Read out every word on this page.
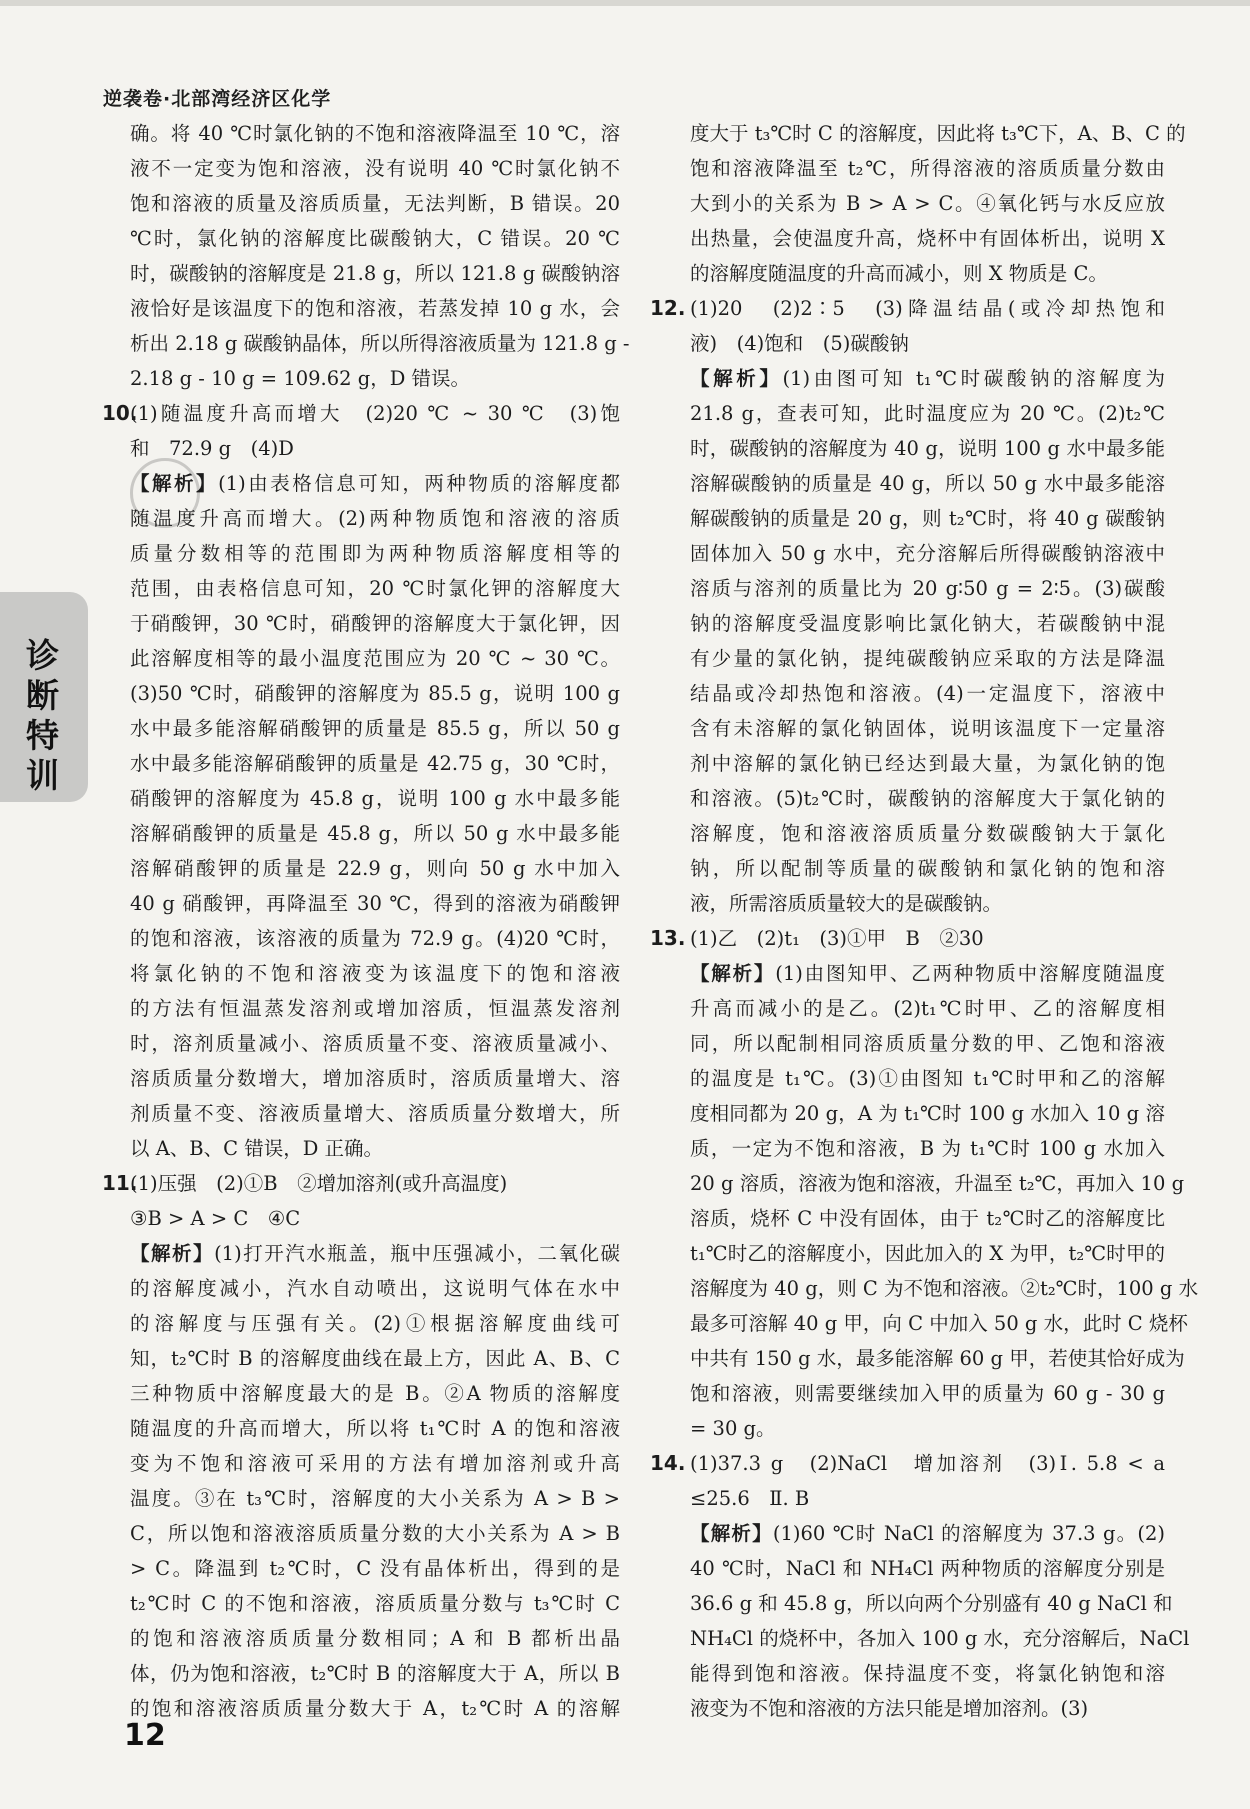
逆袭卷·北部湾经济区化学
诊断特训

确。将 40 ℃时氯化钠的不饱和溶液降温至 10 ℃，溶

液不一定变为饱和溶液，没有说明 40 ℃时氯化钠不

饱和溶液的质量及溶质质量，无法判断，B 错误。20

℃时，氯化钠的溶解度比碳酸钠大，C 错误。20 ℃

时，碳酸钠的溶解度是 21.8 g，所以 121.8 g 碳酸钠溶

液恰好是该温度下的饱和溶液，若蒸发掉 10 g 水，会

析出 2.18 g 碳酸钠晶体，所以所得溶液质量为 121.8 g -

2.18 g - 10 g = 109.62 g，D 错误。

10.
(1)随温度升高而增大　(2)20 ℃ ~ 30 ℃　(3)饱

和　72.9 g　(4)D

【解析】(1)由表格信息可知，两种物质的溶解度都

随温度升高而增大。(2)两种物质饱和溶液的溶质

质量分数相等的范围即为两种物质溶解度相等的

范围，由表格信息可知，20 ℃时氯化钾的溶解度大

于硝酸钾，30 ℃时，硝酸钾的溶解度大于氯化钾，因

此溶解度相等的最小温度范围应为 20 ℃ ~ 30 ℃。

(3)50 ℃时，硝酸钾的溶解度为 85.5 g，说明 100 g

水中最多能溶解硝酸钾的质量是 85.5 g，所以 50 g

水中最多能溶解硝酸钾的质量是 42.75 g，30 ℃时，

硝酸钾的溶解度为 45.8 g，说明 100 g 水中最多能

溶解硝酸钾的质量是 45.8 g，所以 50 g 水中最多能

溶解硝酸钾的质量是 22.9 g，则向 50 g 水中加入

40 g 硝酸钾，再降温至 30 ℃，得到的溶液为硝酸钾

的饱和溶液，该溶液的质量为 72.9 g。(4)20 ℃时，

将氯化钠的不饱和溶液变为该温度下的饱和溶液

的方法有恒温蒸发溶剂或增加溶质，恒温蒸发溶剂

时，溶剂质量减小、溶质质量不变、溶液质量减小、

溶质质量分数增大，增加溶质时，溶质质量增大、溶

剂质量不变、溶液质量增大、溶质质量分数增大，所

以 A、B、C 错误，D 正确。

11.
(1)压强　(2)①B　②增加溶剂(或升高温度)

③B > A > C　④C

【解析】(1)打开汽水瓶盖，瓶中压强减小，二氧化碳

的溶解度减小，汽水自动喷出，这说明气体在水中

的溶解度与压强有关。(2)①根据溶解度曲线可

知，t₂℃时 B 的溶解度曲线在最上方，因此 A、B、C

三种物质中溶解度最大的是 B。②A 物质的溶解度

随温度的升高而增大，所以将 t₁℃时 A 的饱和溶液

变为不饱和溶液可采用的方法有增加溶剂或升高

温度。③在 t₃℃时，溶解度的大小关系为 A > B >

C，所以饱和溶液溶质质量分数的大小关系为 A > B

> C。降温到 t₂℃时，C 没有晶体析出，得到的是

t₂℃时 C 的不饱和溶液，溶质质量分数与 t₃℃时 C

的饱和溶液溶质质量分数相同；A 和 B 都析出晶

体，仍为饱和溶液，t₂℃时 B 的溶解度大于 A，所以 B

的饱和溶液溶质质量分数大于 A，t₂℃时 A 的溶解

度大于 t₃℃时 C 的溶解度，因此将 t₃℃下，A、B、C 的

饱和溶液降温至 t₂℃，所得溶液的溶质质量分数由

大到小的关系为 B > A > C。④氧化钙与水反应放

出热量，会使温度升高，烧杯中有固体析出，说明 X

的溶解度随温度的升高而减小，则 X 物质是 C。

12. (1)20　(2)2∶5　(3)降温结晶(或冷却热饱和

液)　(4)饱和　(5)碳酸钠

【解析】(1)由图可知 t₁℃时碳酸钠的溶解度为

21.8 g，查表可知，此时温度应为 20 ℃。(2)t₂℃

时，碳酸钠的溶解度为 40 g，说明 100 g 水中最多能

溶解碳酸钠的质量是 40 g，所以 50 g 水中最多能溶

解碳酸钠的质量是 20 g，则 t₂℃时，将 40 g 碳酸钠

固体加入 50 g 水中，充分溶解后所得碳酸钠溶液中

溶质与溶剂的质量比为 20 g∶50 g = 2∶5。(3)碳酸

钠的溶解度受温度影响比氯化钠大，若碳酸钠中混

有少量的氯化钠，提纯碳酸钠应采取的方法是降温

结晶或冷却热饱和溶液。(4)一定温度下，溶液中

含有未溶解的氯化钠固体，说明该温度下一定量溶

剂中溶解的氯化钠已经达到最大量，为氯化钠的饱

和溶液。(5)t₂℃时，碳酸钠的溶解度大于氯化钠的

溶解度，饱和溶液溶质质量分数碳酸钠大于氯化

钠，所以配制等质量的碳酸钠和氯化钠的饱和溶

液，所需溶质质量较大的是碳酸钠。

13. (1)乙　(2)t₁　(3)①甲　B　②30

【解析】(1)由图知甲、乙两种物质中溶解度随温度

升高而减小的是乙。(2)t₁℃时甲、乙的溶解度相

同，所以配制相同溶质质量分数的甲、乙饱和溶液

的温度是 t₁℃。(3)①由图知 t₁℃时甲和乙的溶解

度相同都为 20 g，A 为 t₁℃时 100 g 水加入 10 g 溶

质，一定为不饱和溶液，B 为 t₁℃时 100 g 水加入

20 g 溶质，溶液为饱和溶液，升温至 t₂℃，再加入 10 g

溶质，烧杯 C 中没有固体，由于 t₂℃时乙的溶解度比

t₁℃时乙的溶解度小，因此加入的 X 为甲，t₂℃时甲的

溶解度为 40 g，则 C 为不饱和溶液。②t₂℃时，100 g 水

最多可溶解 40 g 甲，向 C 中加入 50 g 水，此时 C 烧杯

中共有 150 g 水，最多能溶解 60 g 甲，若使其恰好成为

饱和溶液，则需要继续加入甲的质量为 60 g - 30 g

= 30 g。

14. (1)37.3 g　(2)NaCl　增加溶剂　(3)Ⅰ. 5.8 < a

≤25.6　Ⅱ. B

【解析】(1)60 ℃时 NaCl 的溶解度为 37.3 g。(2)

40 ℃时，NaCl 和 NH₄Cl 两种物质的溶解度分别是

36.6 g 和 45.8 g，所以向两个分别盛有 40 g NaCl 和

NH₄Cl 的烧杯中，各加入 100 g 水，充分溶解后，NaCl

能得到饱和溶液。保持温度不变，将氯化钠饱和溶

液变为不饱和溶液的方法只能是增加溶剂。(3)

12
